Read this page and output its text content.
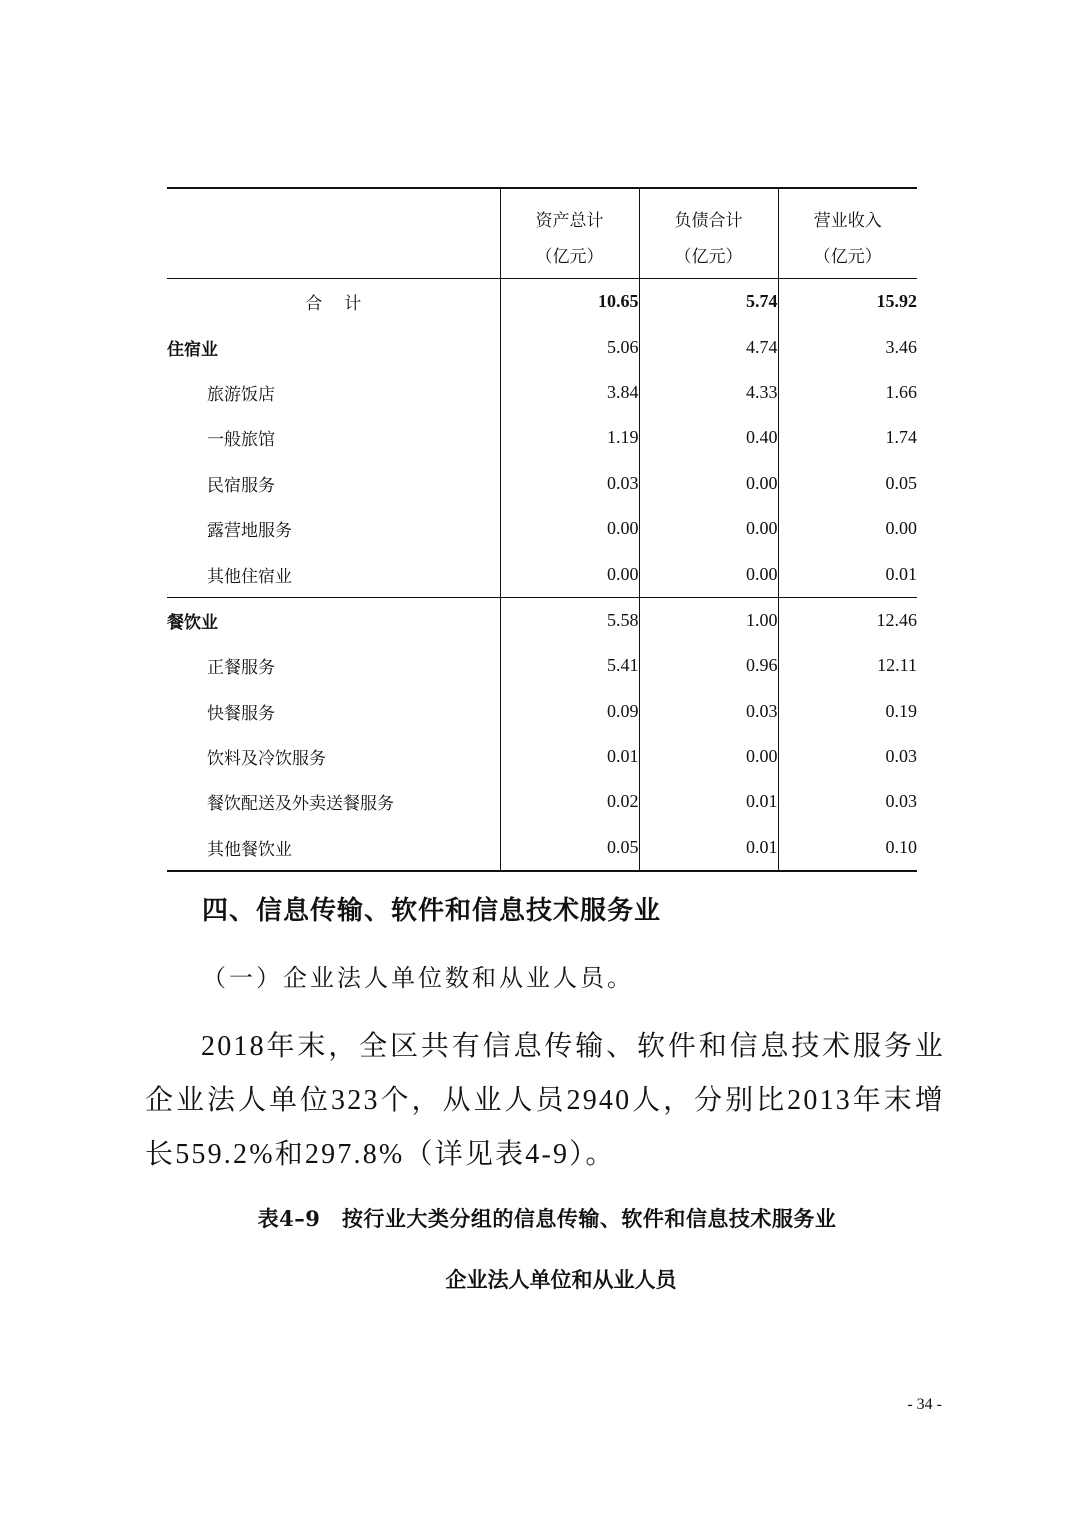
	资产总计	负债合计	营业收入
	（亿元）	（亿元）	（亿元）
合计	10.65	5.74	15.92
住宿业	5.06	4.74	3.46
旅游饭店	3.84	4.33	1.66
一般旅馆	1.19	0.40	1.74
民宿服务	0.03	0.00	0.05
露营地服务	0.00	0.00	0.00
其他住宿业	0.00	0.00	0.01
餐饮业	5.58	1.00	12.46
正餐服务	5.41	0.96	12.11
快餐服务	0.09	0.03	0.19
饮料及冷饮服务	0.01	0.00	0.03
餐饮配送及外卖送餐服务	0.02	0.01	0.03
其他餐饮业	0.05	0.01	0.10
四、信息传输、软件和信息技术服务业
（一）企业法人单位数和从业人员。
2018年末，全区共有信息传输、软件和信息技术服务业企业法人单位323个，从业人员2940人，分别比2013年末增长559.2%和297.8%（详见表4-9）。
表4–9　按行业大类分组的信息传输、软件和信息技术服务业
企业法人单位和从业人员
- 34 -
